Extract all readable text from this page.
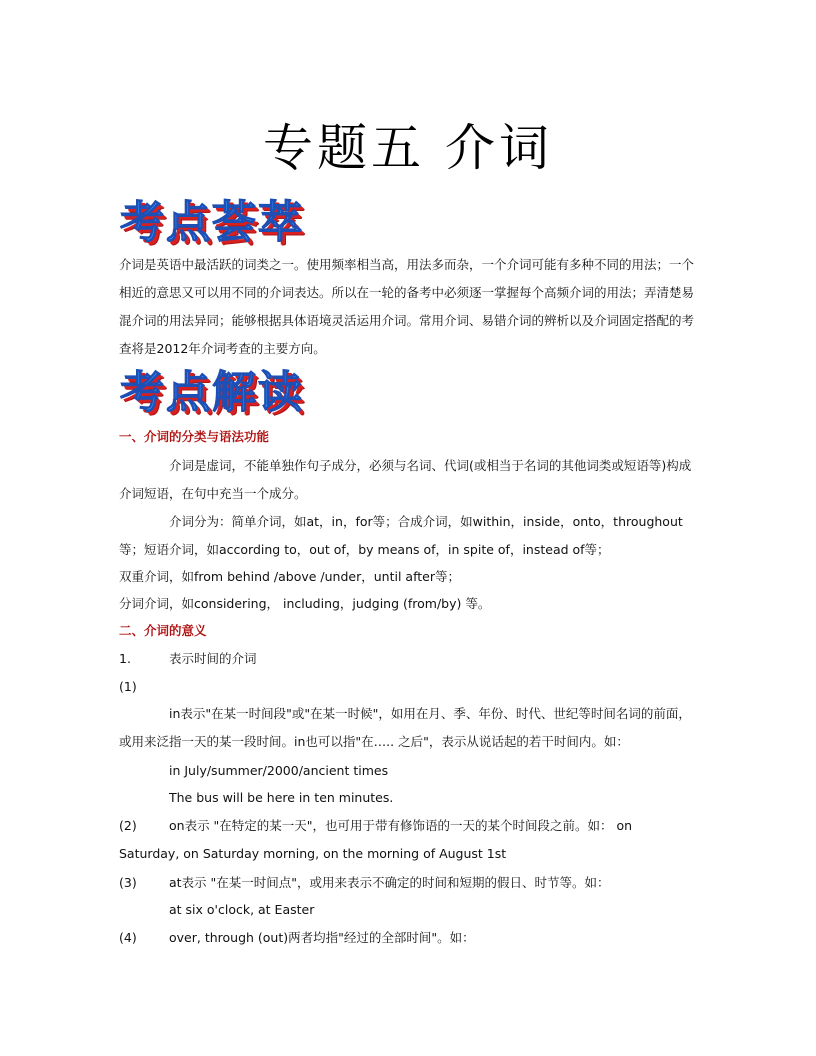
专题五 介词
考点荟萃

介词是英语中最活跃的词类之一。使用频率相当高，用法多而杂，一个介词可能有多种不同的用法；一个相近的意思又可以用不同的介词表达。所以在一轮的备考中必须逐一掌握每个高频介词的用法；弄清楚易混介词的用法异同；能够根据具体语境灵活运用介词。常用介词、易错介词的辨析以及介词固定搭配的考查将是2012年介词考查的主要方向。

考点解读

一、介词的分类与语法功能

介词是虚词，不能单独作句子成分，必须与名词、代词(或相当于名词的其他词类或短语等)构成介词短语，在句中充当一个成分。

介词分为：简单介词，如at，in，for等；合成介词，如within，inside，onto，throughout等；短语介词，如according to，out of，by means of，in spite of，instead of等；

双重介词，如from behind /above /under，until after等；

分词介词，如considering， including，judging (from/by) 等。

二、介词的意义

1.	表示时间的介词

(1)

in表示"在某一时间段"或"在某一时候"，如用在月、季、年份、时代、世纪等时间名词的前面，或用来泛指一天的某一段时间。in也可以指"在….. 之后"，表示从说话起的若干时间内。如：

in July/summer/2000/ancient times

The bus will be here in ten minutes.

(2)	on表示 "在特定的某一天"，也可用于带有修饰语的一天的某个时间段之前。如： on Saturday, on Saturday morning, on the morning of August 1st

(3)	at表示 "在某一时间点"，或用来表示不确定的时间和短期的假日、时节等。如：

at six o'clock, at Easter

(4)	over, through (out)两者均指"经过的全部时间"。如：
